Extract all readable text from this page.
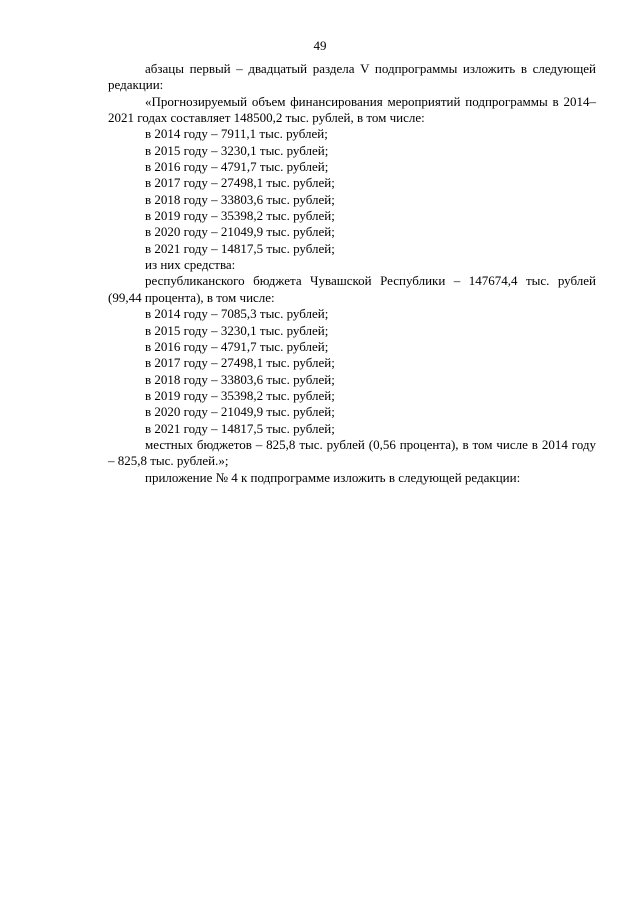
49

абзацы первый – двадцатый раздела V подпрограммы изложить в следующей редакции:

«Прогнозируемый объем финансирования мероприятий подпрограммы в 2014–2021 годах составляет 148500,2 тыс. рублей, в том числе:

в 2014 году – 7911,1 тыс. рублей;

в 2015 году – 3230,1 тыс. рублей;

в 2016 году – 4791,7 тыс. рублей;

в 2017 году – 27498,1 тыс. рублей;

в 2018 году – 33803,6 тыс. рублей;

в 2019 году – 35398,2 тыс. рублей;

в 2020 году – 21049,9 тыс. рублей;

в 2021 году – 14817,5 тыс. рублей;

из них средства:

республиканского бюджета Чувашской Республики – 147674,4 тыс. рублей (99,44 процента), в том числе:

в 2014 году – 7085,3 тыс. рублей;

в 2015 году – 3230,1 тыс. рублей;

в 2016 году – 4791,7 тыс. рублей;

в 2017 году – 27498,1 тыс. рублей;

в 2018 году – 33803,6 тыс. рублей;

в 2019 году – 35398,2 тыс. рублей;

в 2020 году – 21049,9 тыс. рублей;

в 2021 году – 14817,5 тыс. рублей;

местных бюджетов – 825,8 тыс. рублей (0,56 процента), в том числе в 2014 году – 825,8 тыс. рублей.»;

приложение № 4 к подпрограмме изложить в следующей редакции:
